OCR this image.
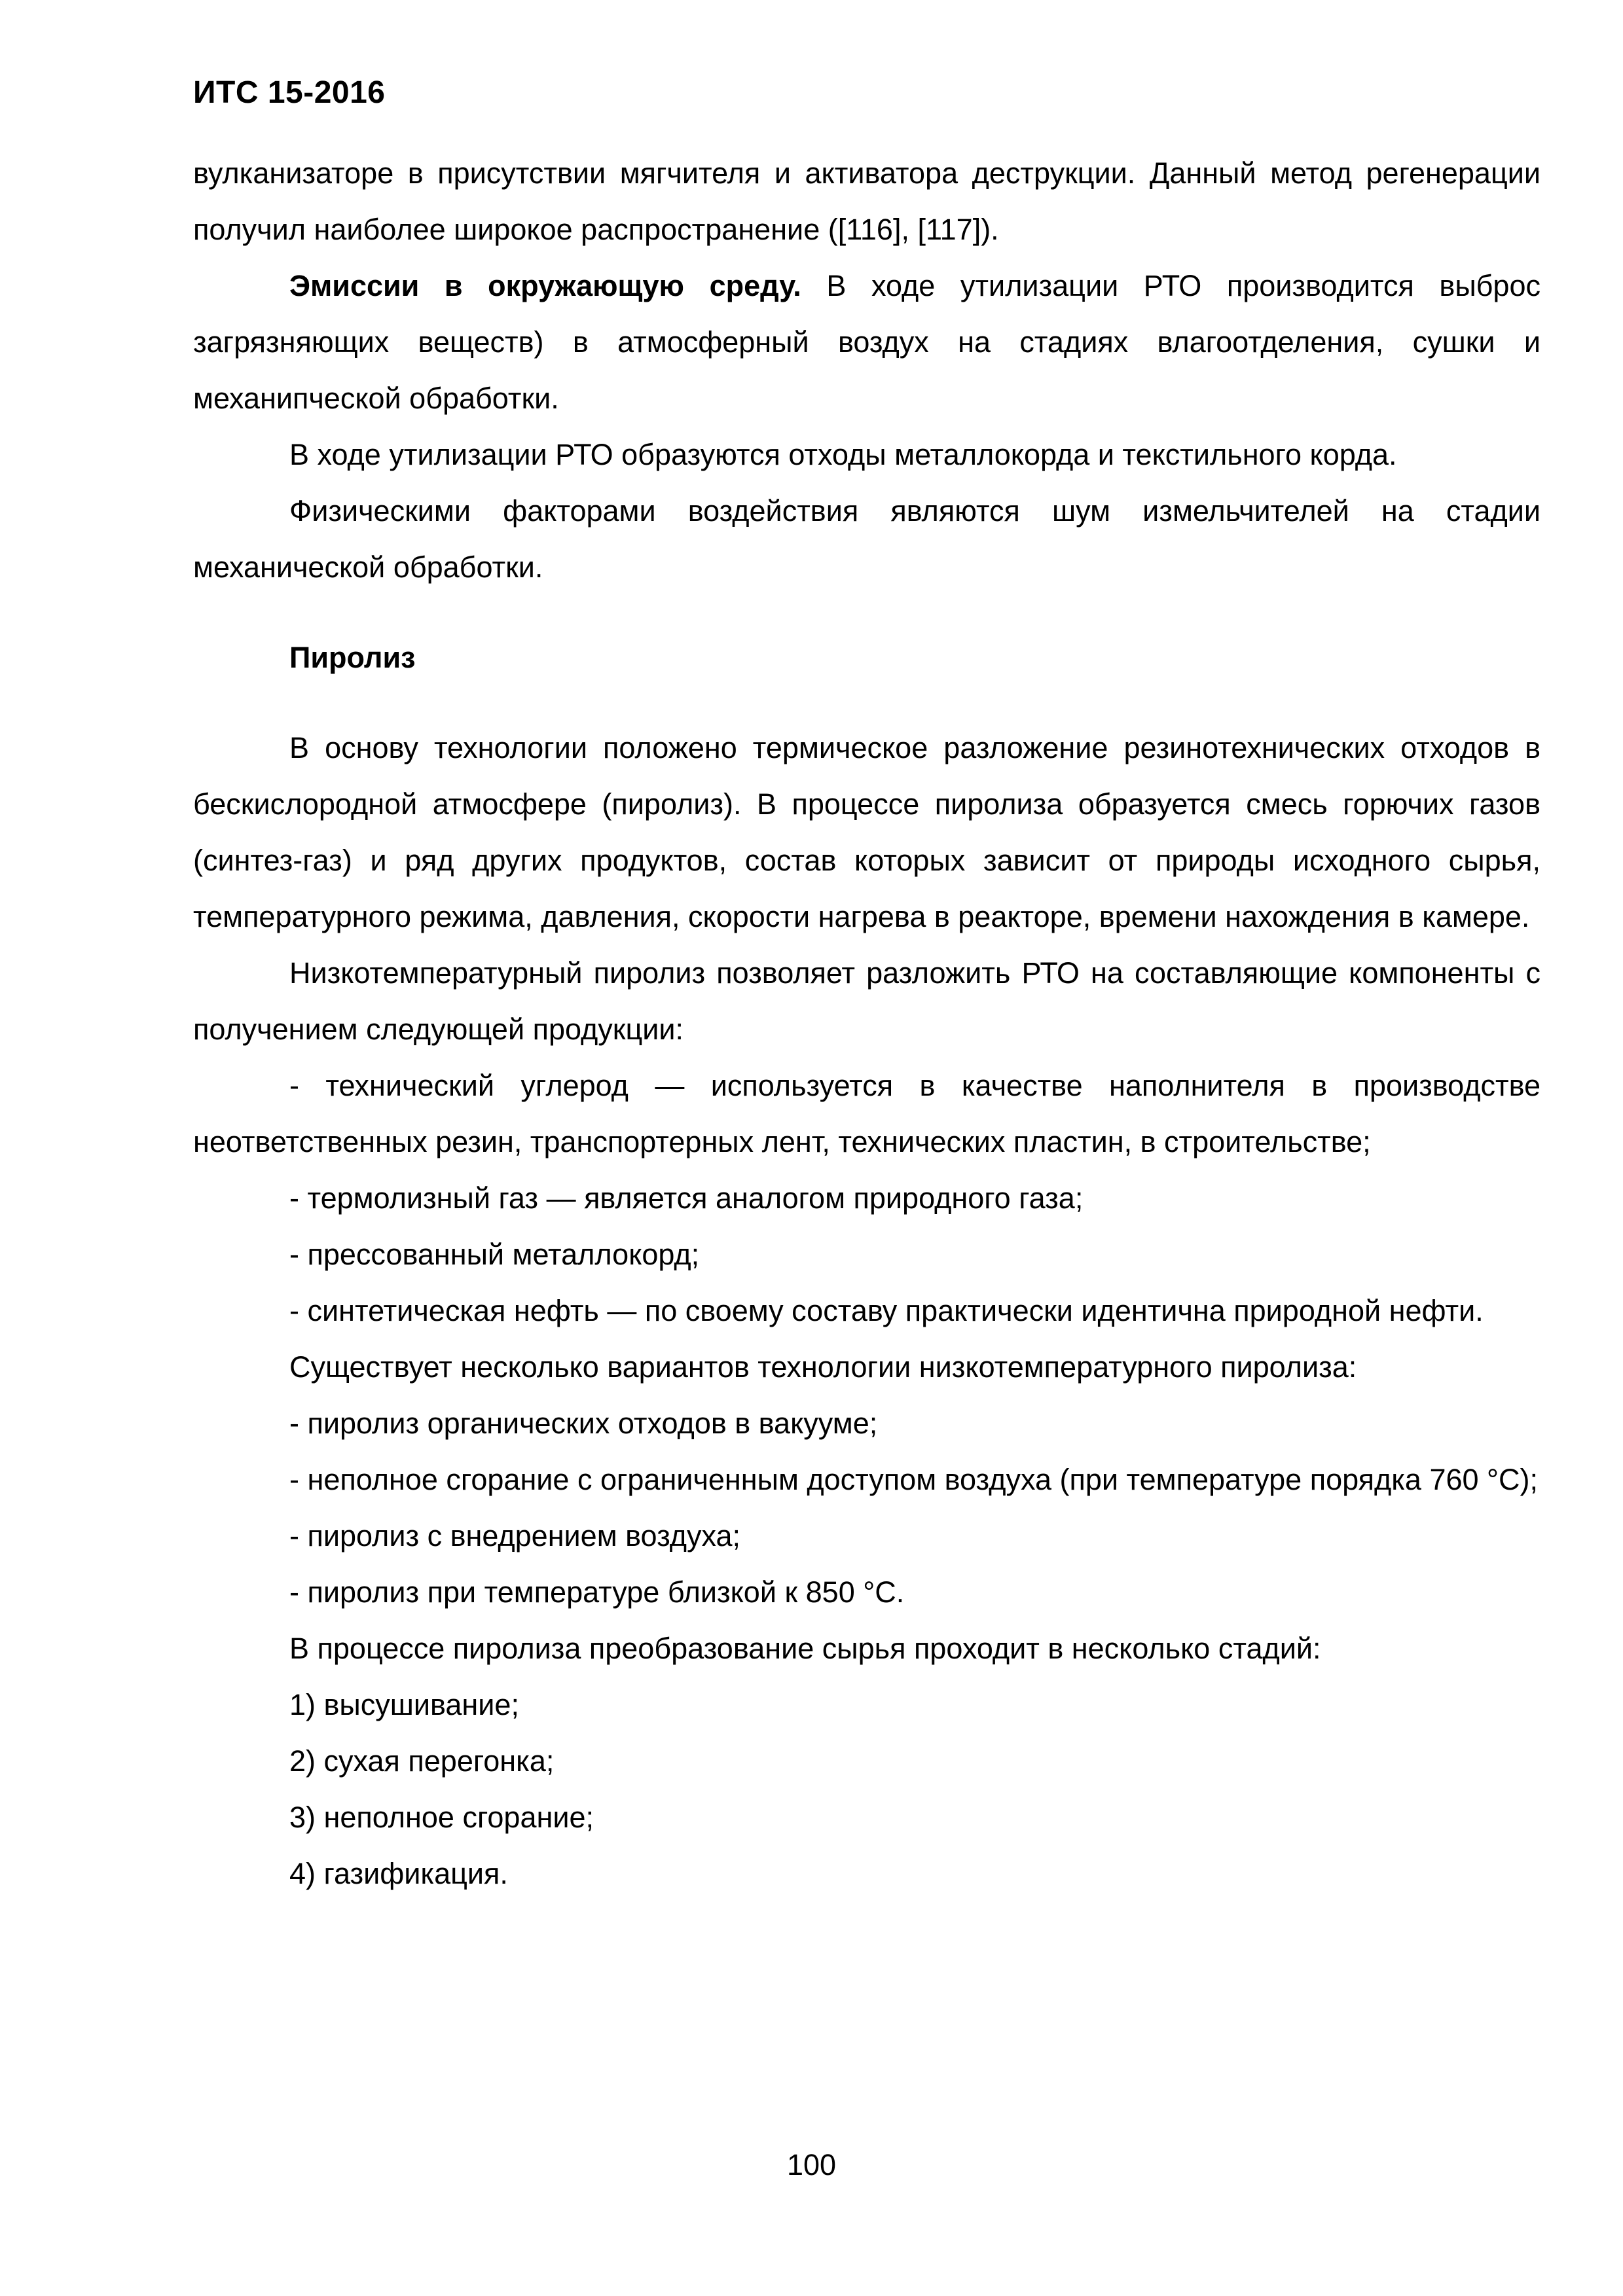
ИТС 15-2016

вулканизаторе в присутствии мягчителя и активатора деструкции. Данный метод регенерации получил наиболее широкое распространение ([116], [117]).

Эмиссии в окружающую среду. В ходе утилизации РТО производится выброс загрязняющих веществ) в атмосферный воздух на стадиях влагоотделения, сушки и механипческой обработки.

В ходе утилизации РТО образуются отходы металлокорда и текстильного корда.

Физическими факторами воздействия являются шум измельчителей на стадии механической обработки.

Пиролиз

В основу технологии положено термическое разложение резинотехнических отходов в бескислородной атмосфере (пиролиз). В процессе пиролиза образуется смесь горючих газов (синтез-газ) и ряд других продуктов, состав которых зависит от природы исходного сырья, температурного режима, давления, скорости нагрева в реакторе, времени нахождения в камере.

Низкотемпературный пиролиз позволяет разложить РТО на составляющие компоненты с получением следующей продукции:

- технический углерод — используется в качестве наполнителя в производстве неответственных резин, транспортерных лент, технических пластин, в строительстве;

- термолизный газ — является аналогом природного газа;

- прессованный металлокорд;

- синтетическая нефть — по своему составу практически идентична природной нефти.

Существует несколько вариантов технологии низкотемпературного пиролиза:

- пиролиз органических отходов в вакууме;

- неполное сгорание с ограниченным доступом воздуха (при температуре порядка 760 °С);

- пиролиз с внедрением воздуха;

- пиролиз при температуре близкой к 850 °С.

В процессе пиролиза преобразование сырья проходит в несколько стадий:

1) высушивание;

2) сухая перегонка;

3) неполное сгорание;

4) газификация.

100
